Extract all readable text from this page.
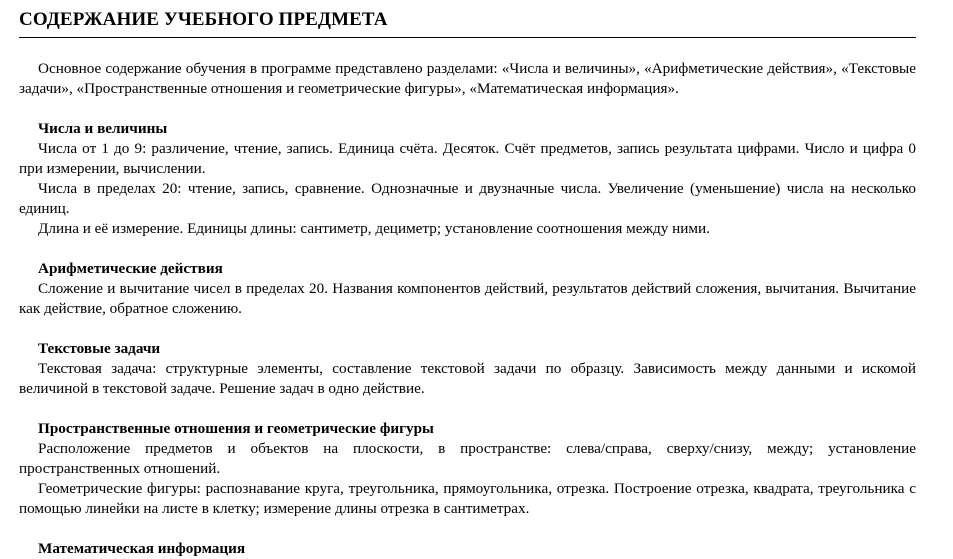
СОДЕРЖАНИЕ УЧЕБНОГО ПРЕДМЕТА

Основное содержание обучения в программе представлено разделами: «Числа и величины», «Арифметические действия», «Текстовые задачи», «Пространственные отношения и геометрические фигуры», «Математическая информация».

Числа и величины

Числа от 1 до 9: различение, чтение, запись. Единица счёта. Десяток. Счёт предметов, запись результата цифрами. Число и цифра 0 при измерении, вычислении.

Числа в пределах 20: чтение, запись, сравнение. Однозначные и двузначные числа. Увеличение (уменьшение) числа на несколько единиц.

Длина и её измерение. Единицы длины: сантиметр, дециметр; установление соотношения между ними.

Арифметические действия

Сложение и вычитание чисел в пределах 20. Названия компонентов действий, результатов действий сложения, вычитания. Вычитание как действие, обратное сложению.

Текстовые задачи

Текстовая задача: структурные элементы, составление текстовой задачи по образцу. Зависимость между данными и искомой величиной в текстовой задаче. Решение задач в одно действие.

Пространственные отношения и геометрические фигуры

Расположение предметов и объектов на плоскости, в пространстве: слева/справа, сверху/снизу, между; установление пространственных отношений.

Геометрические фигуры: распознавание круга, треугольника, прямоугольника, отрезка. Построение отрезка, квадрата, треугольника с помощью линейки на листе в клетку; измерение длины отрезка в сантиметрах.

Математическая информация
